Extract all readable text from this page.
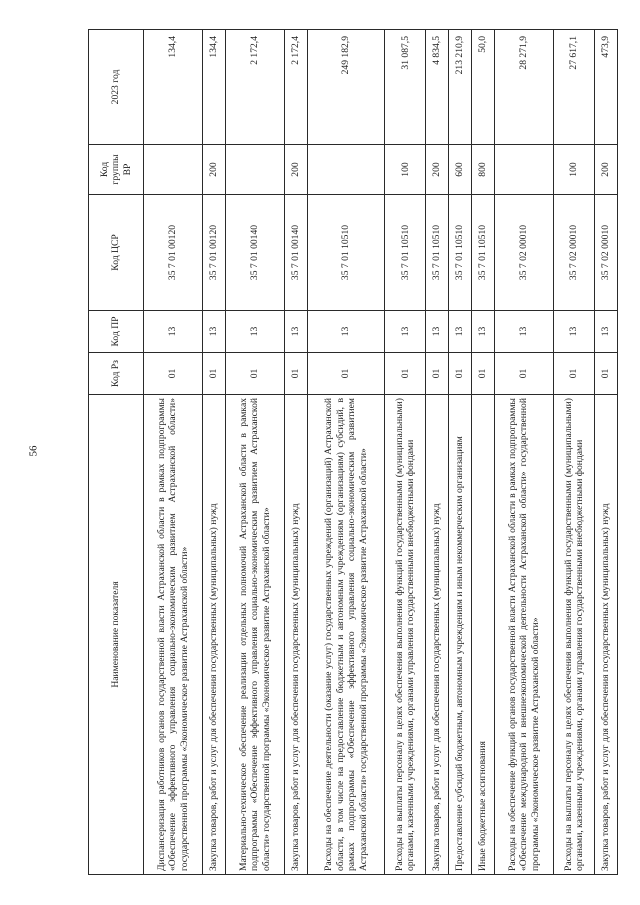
56
Наименование показателя	Код Рз	Код ПР	Код ЦСР	Код группы ВР	2023 год
Диспансеризация работников органов государственной власти Астраханской области в рамках подпрограммы «Обеспечение эффективного управления социально-экономическим развитием Астраханской области» государственной программы «Экономическое развитие Астраханской области»	01	13	35 7 01 00120		134,4
Закупка товаров, работ и услуг для обеспечения государственных (муниципальных) нужд	01	13	35 7 01 00120	200	134,4
Материально-техническое обеспечение реализации отдельных полномочий Астраханской области в рамках подпрограммы «Обеспечение эффективного управления социально-экономическим развитием Астраханской области» государственной программы «Экономическое развитие Астраханской области»	01	13	35 7 01 00140		2 172,4
Закупка товаров, работ и услуг для обеспечения государственных (муниципальных) нужд	01	13	35 7 01 00140	200	2 172,4
Расходы на обеспечение деятельности (оказание услуг) государственных учреждений (организаций) Астраханской области, в том числе на предоставление бюджетным и автономным учреждениям (организациям) субсидий, в рамках подпрограммы «Обеспечение эффективного управления социально-экономическим развитием Астраханской области» государственной программы «Экономическое развитие Астраханской области»	01	13	35 7 01 10510		249 182,9
Расходы на выплаты персоналу в целях обеспечения выполнения функций государственными (муниципальными) органами, казенными учреждениями, органами управления государственными внебюджетными фондами	01	13	35 7 01 10510	100	31 087,5
Закупка товаров, работ и услуг для обеспечения государственных (муниципальных) нужд	01	13	35 7 01 10510	200	4 834,5
Предоставление субсидий бюджетным, автономным учреждениям и иным некоммерческим организациям	01	13	35 7 01 10510	600	213 210,9
Иные бюджетные ассигнования	01	13	35 7 01 10510	800	50,0
Расходы на обеспечение функций органов государственной власти Астраханской области в рамках подпрограммы «Обеспечение международной и внешнеэкономической деятельности Астраханской области» государственной программы «Экономическое развитие Астраханской области»	01	13	35 7 02 00010		28 271,9
Расходы на выплаты персоналу в целях обеспечения выполнения функций государственными (муниципальными) органами, казенными учреждениями, органами управления государственными внебюджетными фондами	01	13	35 7 02 00010	100	27 617,1
Закупка товаров, работ и услуг для обеспечения государственных (муниципальных) нужд	01	13	35 7 02 00010	200	473,9
